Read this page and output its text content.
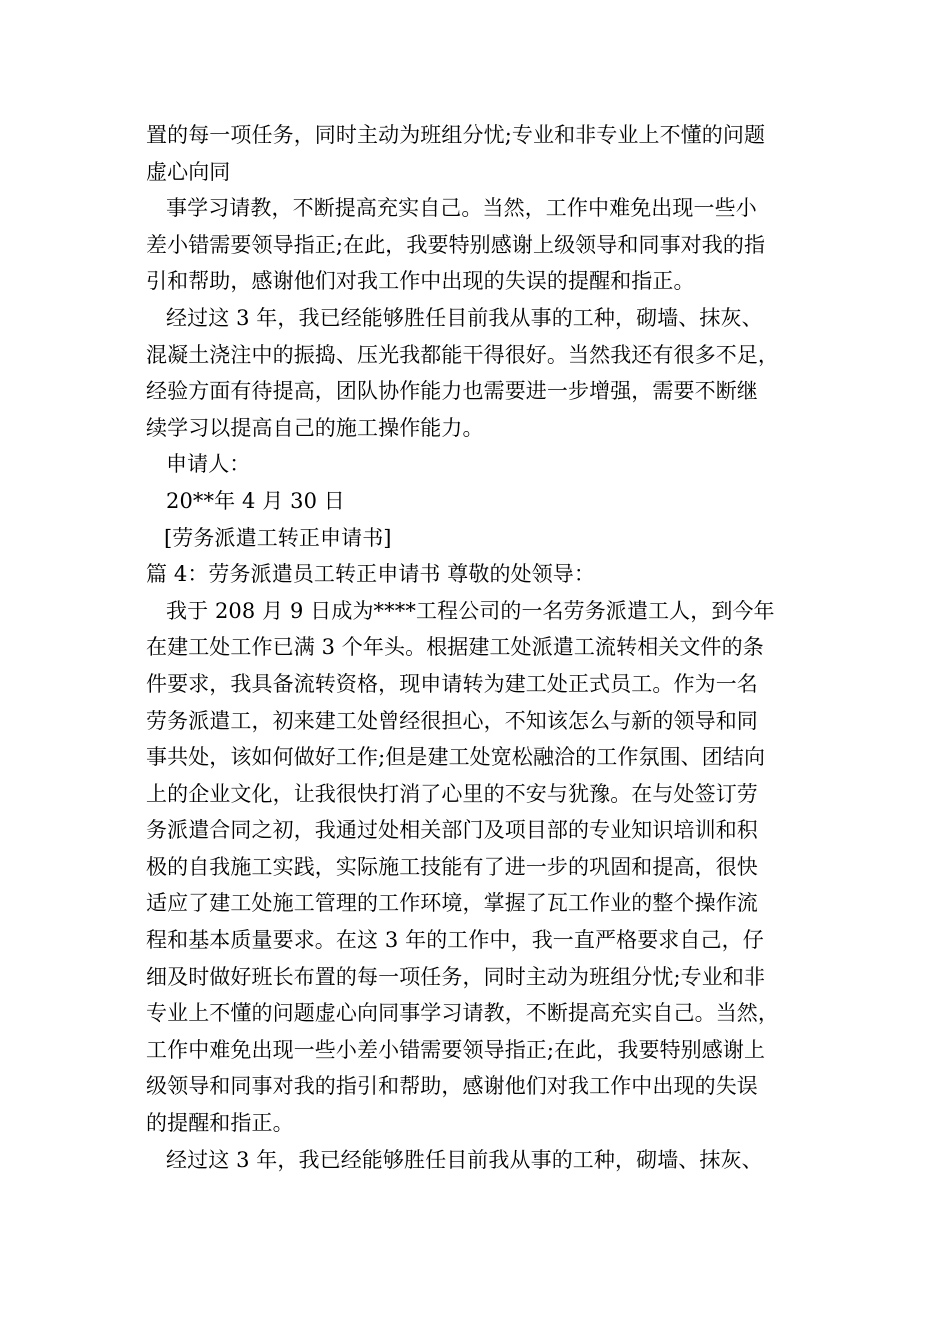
置的每一项任务，同时主动为班组分忧;专业和非专业上不懂的问题
虚心向同
事学习请教，不断提高充实自己。当然，工作中难免出现一些小
差小错需要领导指正;在此，我要特别感谢上级领导和同事对我的指
引和帮助，感谢他们对我工作中出现的失误的提醒和指正。
经过这 3 年，我已经能够胜任目前我从事的工种，砌墙、抹灰、
混凝土浇注中的振捣、压光我都能干得很好。当然我还有很多不足，
经验方面有待提高，团队协作能力也需要进一步增强，需要不断继
续学习以提高自己的施工操作能力。
申请人：
20**年 4 月 30 日
[劳务派遣工转正申请书]
篇 4：劳务派遣员工转正申请书 尊敬的处领导：
我于 208 月 9 日成为****工程公司的一名劳务派遣工人，到今年
在建工处工作已满 3 个年头。根据建工处派遣工流转相关文件的条
件要求，我具备流转资格，现申请转为建工处正式员工。作为一名
劳务派遣工，初来建工处曾经很担心，不知该怎么与新的领导和同
事共处，该如何做好工作;但是建工处宽松融洽的工作氛围、团结向
上的企业文化，让我很快打消了心里的不安与犹豫。在与处签订劳
务派遣合同之初，我通过处相关部门及项目部的专业知识培训和积
极的自我施工实践，实际施工技能有了进一步的巩固和提高，很快
适应了建工处施工管理的工作环境，掌握了瓦工作业的整个操作流
程和基本质量要求。在这 3 年的工作中，我一直严格要求自己，仔
细及时做好班长布置的每一项任务，同时主动为班组分忧;专业和非
专业上不懂的问题虚心向同事学习请教，不断提高充实自己。当然，
工作中难免出现一些小差小错需要领导指正;在此，我要特别感谢上
级领导和同事对我的指引和帮助，感谢他们对我工作中出现的失误
的提醒和指正。
经过这 3 年，我已经能够胜任目前我从事的工种，砌墙、抹灰、
